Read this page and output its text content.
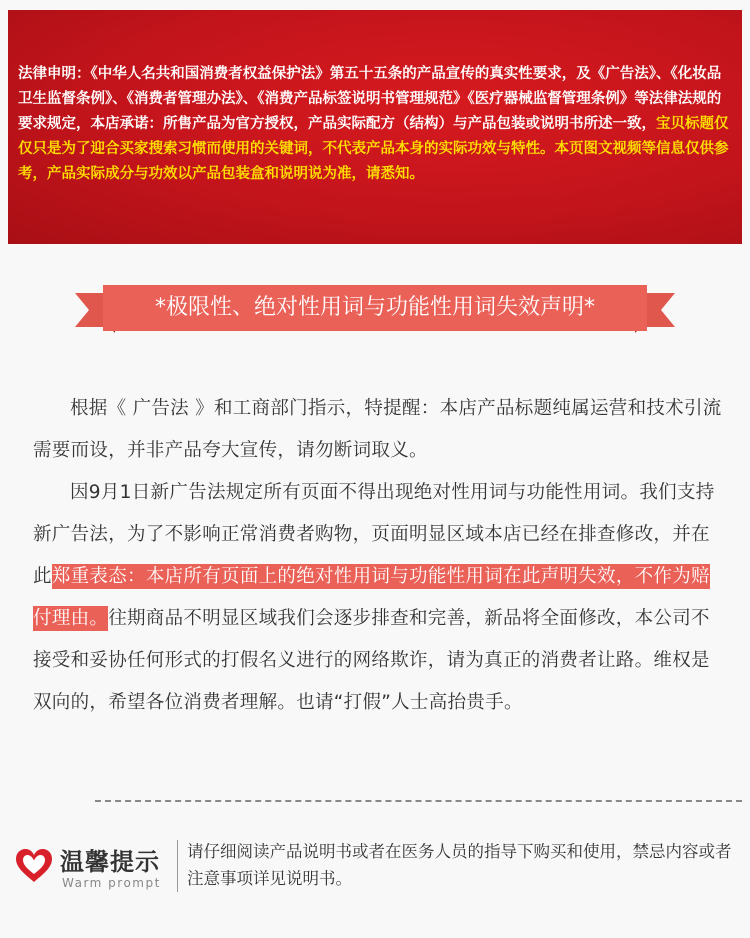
法律申明：《中华人名共和国消费者权益保护法》第五十五条的产品宣传的真实性要求，及《广告法》、《化妆品卫生监督条例》、《消费者管理办法》、《消费产品标签说明书管理规范》《医疗器械监督管理条例》等法律法规的要求规定，本店承诺：所售产品为官方授权，产品实际配方（结构）与产品包装或说明书所述一致，宝贝标题仅仅只是为了迎合买家搜索习惯而使用的关键词，不代表产品本身的实际功效与特性。本页图文视频等信息仅供参考，产品实际成分与功效以产品包装盒和说明说为准，请悉知。

*极限性、绝对性用词与功能性用词失效声明*

根据《 广告法 》和工商部门指示，特提醒：本店产品标题纯属运营和技术引流需要而设，并非产品夸大宣传，请勿断词取义。

因9月1日新广告法规定所有页面不得出现绝对性用词与功能性用词。我们支持新广告法，为了不影响正常消费者购物，页面明显区域本店已经在排查修改，并在此郑重表态：本店所有页面上的绝对性用词与功能性用词在此声明失效，不作为赔付理由。往期商品不明显区域我们会逐步排查和完善，新品将全面修改，本公司不接受和妥协任何形式的打假名义进行的网络欺诈，请为真正的消费者让路。维权是双向的，希望各位消费者理解。也请“打假”人士高抬贵手。

温馨提示
Warm prompt

请仔细阅读产品说明书或者在医务人员的指导下购买和使用，禁忌内容或者注意事项详见说明书。
